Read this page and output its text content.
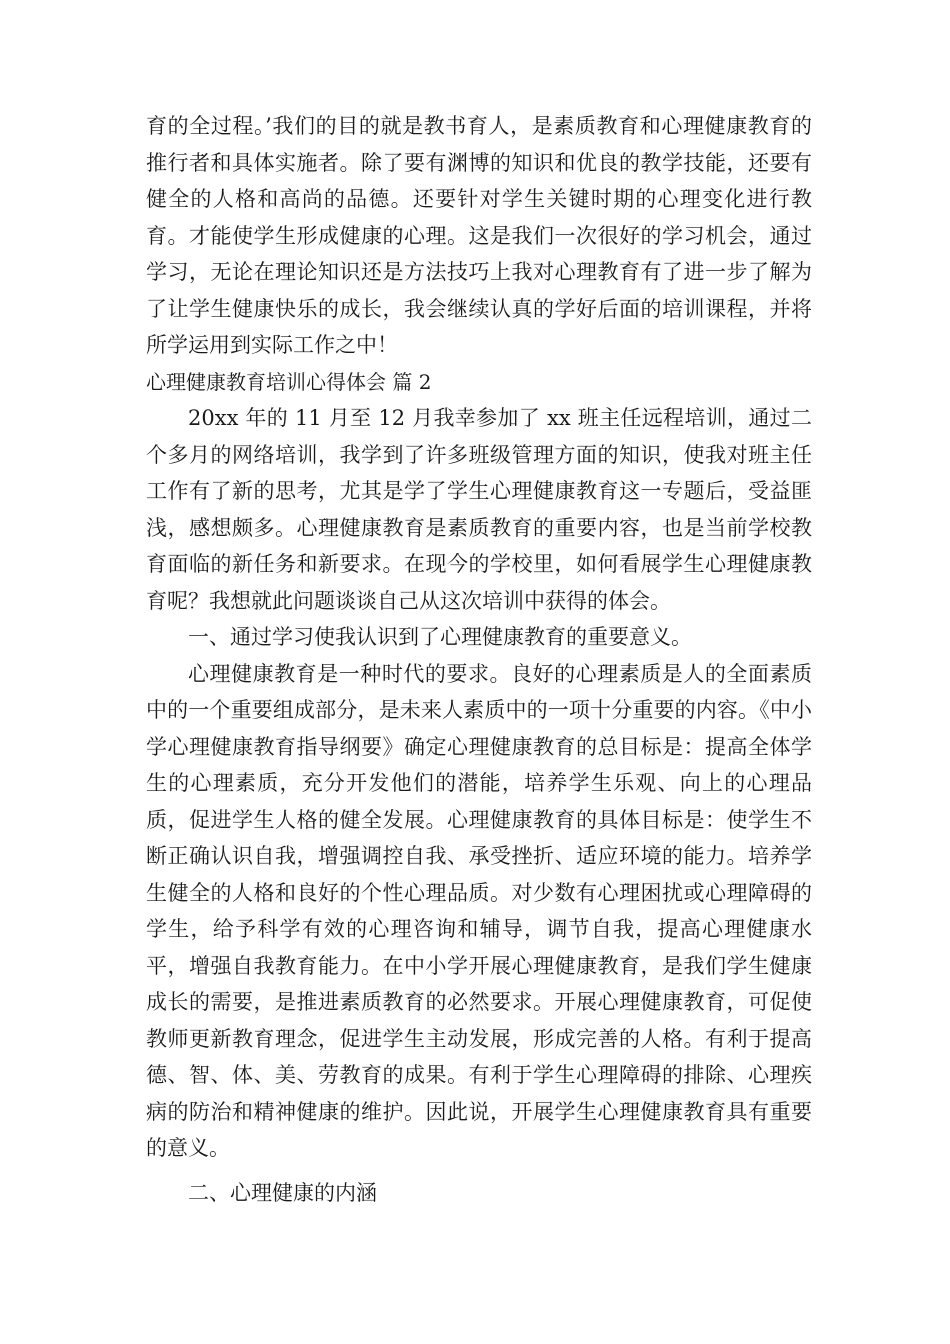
育的全过程。’我们的目的就是教书育人，是素质教育和心理健康教育的推行者和具体实施者。除了要有渊博的知识和优良的教学技能，还要有健全的人格和高尚的品德。还要针对学生关键时期的心理变化进行教育。才能使学生形成健康的心理。这是我们一次很好的学习机会，通过学习，无论在理论知识还是方法技巧上我对心理教育有了进一步了解为了让学生健康快乐的成长，我会继续认真的学好后面的培训课程，并将所学运用到实际工作之中！

心理健康教育培训心得体会 篇 2

20xx 年的 11 月至 12 月我幸参加了 xx 班主任远程培训，通过二个多月的网络培训，我学到了许多班级管理方面的知识，使我对班主任工作有了新的思考，尤其是学了学生心理健康教育这一专题后，受益匪浅，感想颇多。心理健康教育是素质教育的重要内容，也是当前学校教育面临的新任务和新要求。在现今的学校里，如何看展学生心理健康教育呢？我想就此问题谈谈自己从这次培训中获得的体会。

一、通过学习使我认识到了心理健康教育的重要意义。

心理健康教育是一种时代的要求。良好的心理素质是人的全面素质中的一个重要组成部分，是未来人素质中的一项十分重要的内容。《中小学心理健康教育指导纲要》确定心理健康教育的总目标是：提高全体学生的心理素质，充分开发他们的潜能，培养学生乐观、向上的心理品质，促进学生人格的健全发展。心理健康教育的具体目标是：使学生不断正确认识自我，增强调控自我、承受挫折、适应环境的能力。培养学生健全的人格和良好的个性心理品质。对少数有心理困扰或心理障碍的学生，给予科学有效的心理咨询和辅导，调节自我，提高心理健康水平，增强自我教育能力。在中小学开展心理健康教育，是我们学生健康成长的需要，是推进素质教育的必然要求。开展心理健康教育，可促使教师更新教育理念，促进学生主动发展，形成完善的人格。有利于提高德、智、体、美、劳教育的成果。有利于学生心理障碍的排除、心理疾病的防治和精神健康的维护。因此说，开展学生心理健康教育具有重要的意义。

二、心理健康的内涵
